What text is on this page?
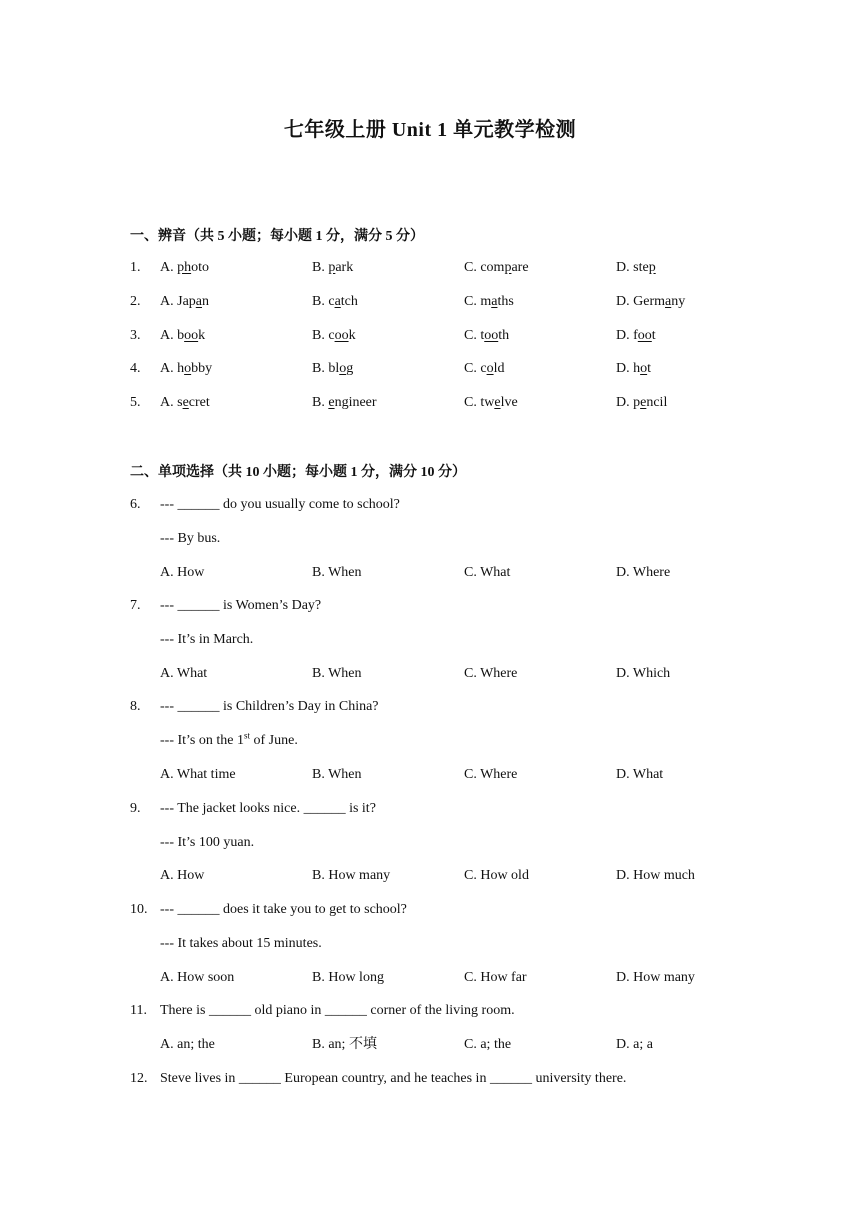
七年级上册 Unit 1 单元教学检测
一、辨音（共 5 小题；每小题 1 分，满分 5 分）
1. A. photo	B. park	C. compare	D. step
2. A. Japan	B. catch	C. maths	D. Germany
3. A. book	B. cook	C. tooth	D. foot
4. A. hobby	B. blog	C. cold	D. hot
5. A. secret	B. engineer	C. twelve	D. pencil
二、单项选择（共 10 小题；每小题 1 分，满分 10 分）
6. --- ______ do you usually come to school?
--- By bus.
A. How	B. When	C. What	D. Where
7. --- ______ is Women’s Day?
--- It’s in March.
A. What	B. When	C. Where	D. Which
8. --- ______ is Children’s Day in China?
--- It’s on the 1st of June.
A. What time	B. When	C. Where	D. What
9. --- The jacket looks nice. ______ is it?
--- It’s 100 yuan.
A. How	B. How many	C. How old	D. How much
10. --- ______ does it take you to get to school?
--- It takes about 15 minutes.
A. How soon	B. How long	C. How far	D. How many
11. There is ______ old piano in ______ corner of the living room.
A. an; the	B. an; 不填	C. a; the	D. a; a
12. Steve lives in ______ European country, and he teaches in ______ university there.
